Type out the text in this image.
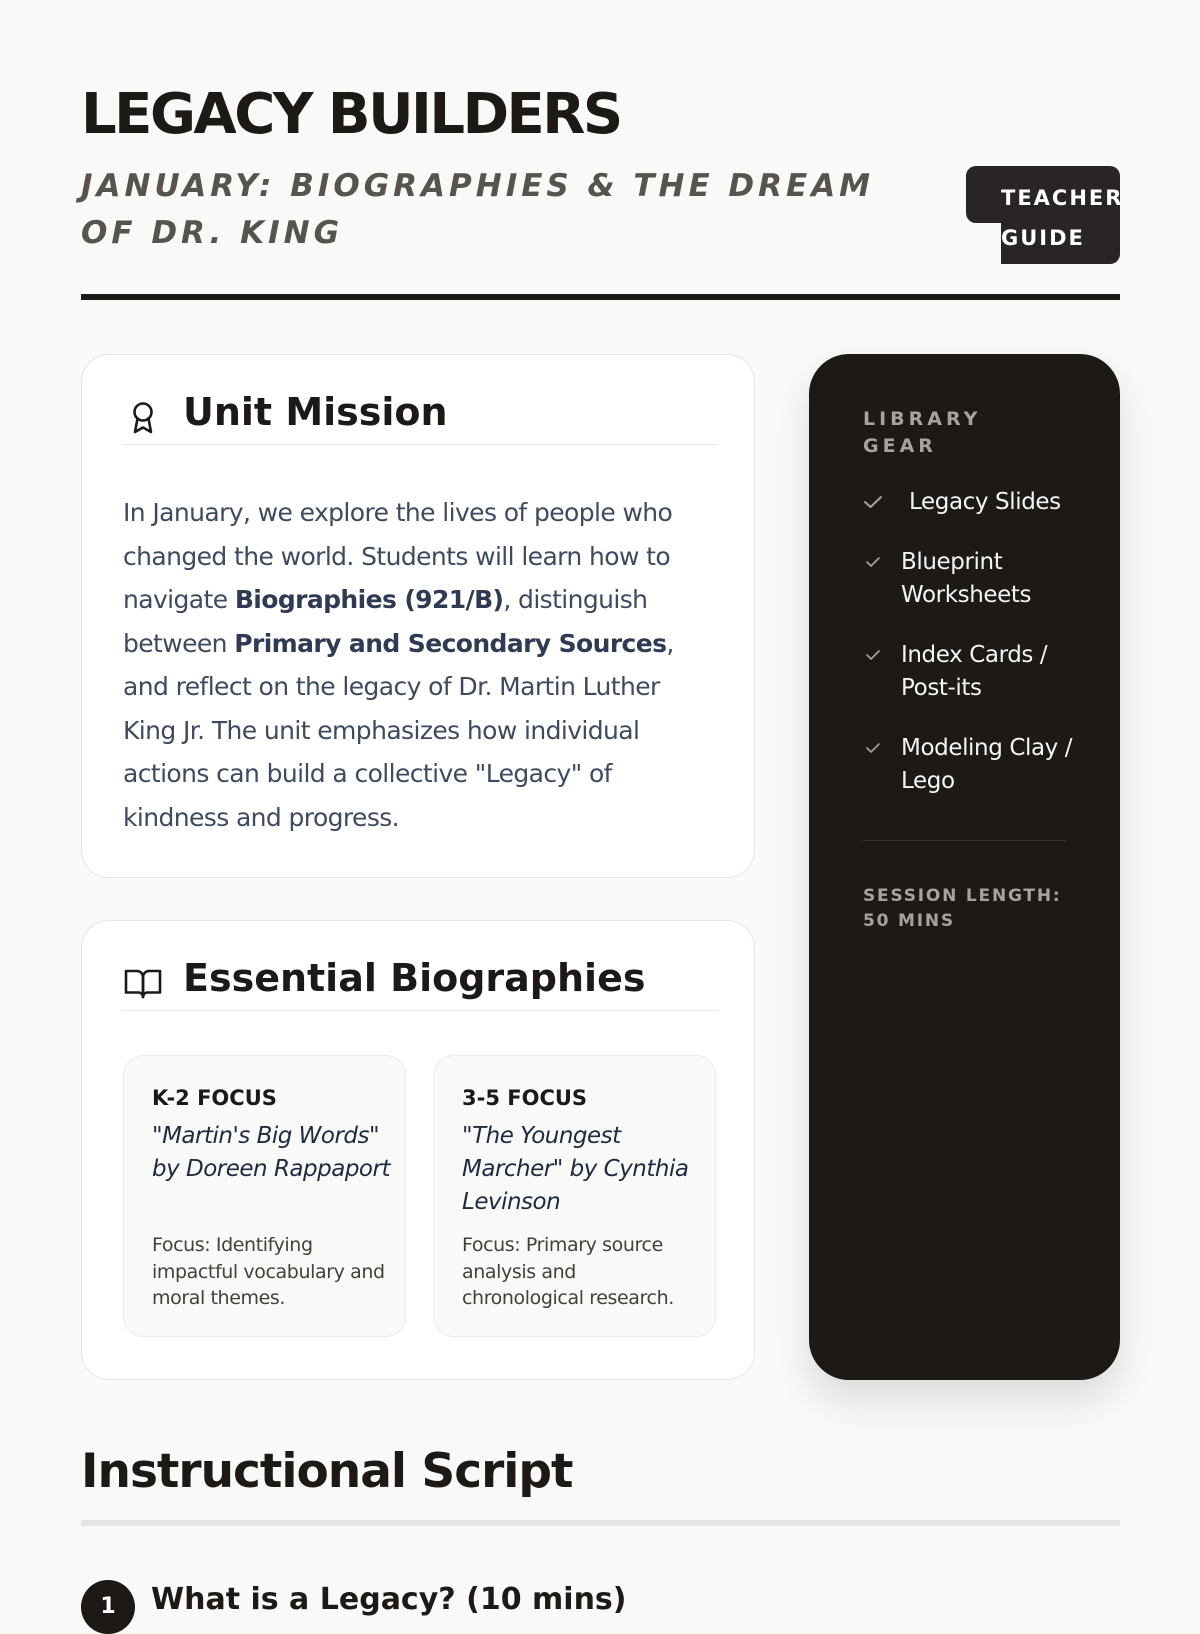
LEGACY BUILDERS
JANUARY: BIOGRAPHIES & THE DREAM OF DR. KING
TEACHER GUIDE
Unit Mission

In January, we explore the lives of people who changed the world. Students will learn how to navigate Biographies (921/B), distinguish between Primary and Secondary Sources, and reflect on the legacy of Dr. Martin Luther King Jr. The unit emphasizes how individual actions can build a collective "Legacy" of kindness and progress.

Essential Biographies
K-2 FOCUS
"Martin's Big Words" by Doreen Rappaport
Focus: Identifying impactful vocabulary and moral themes.
3-5 FOCUS
"The Youngest Marcher" by Cynthia Levinson
Focus: Primary source analysis and chronological research.
LIBRARY GEAR
Legacy Slides
Blueprint Worksheets
Index Cards / Post-its
Modeling Clay / Lego
SESSION LENGTH: 50 MINS
Instructional Script
1	What is a Legacy? (10 mins)
